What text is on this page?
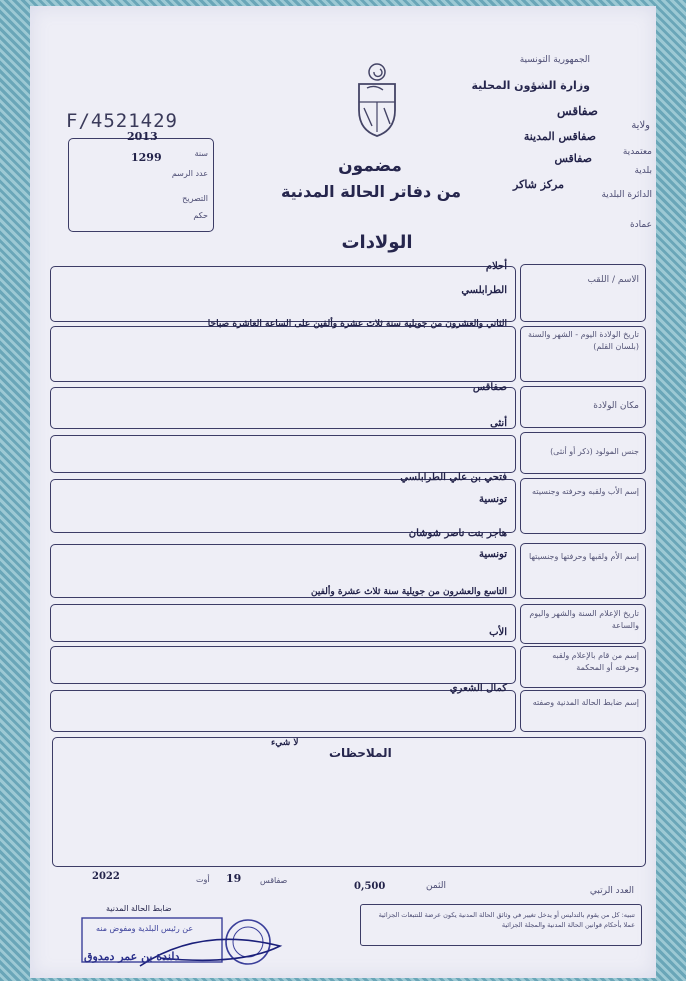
الجمهورية التونسية
وزارة الشؤون المحلية
ولاية
صفاقس
معتمدية
صفاقس المدينة
بلدية
صفاقس
مركز شاكر
الدائرة البلدية
عمادة
F/4521429
2013
سنة
1299
عدد الرسم
التصريح
حكم
مضمون
من دفاتر الحالة المدنية
الولادات
الاسم / اللقب
تاريخ الولادة اليوم - الشهر والسنة (بلسان القلم)
مكان الولادة
جنس المولود (ذكر أو أنثى)
إسم الأب ولقبه وحرفته وجنسيته
إسم الأم ولقبها وحرفتها وجنسيتها
تاريخ الإعلام السنة والشهر واليوم والساعة
إسم من قام بالإعلام ولقبه وحرفته أو المحكمة
إسم ضابط الحالة المدنية وصفته
أحلام
الطرابلسي
الثاني والعشرون من جويلية سنة ثلاث عشرة وألفين على الساعة العاشرة صباحا
صفاقس
أنثى
فتحي بن علي الطرابلسي
تونسية
هاجر بنت ناصر شوشان
تونسية
التاسع والعشرون من جويلية سنة ثلاث عشرة وألفين
الأب
كمال الشعري
الملاحظات
لا شيء
العدد الرتبي
الثمن
0,500
صفاقس
19
أوت
2022
تنبيه: كل من يقوم بالتدليس أو يدخل تغيير في وثائق الحالة المدنية يكون عرضة للتتبعات الجزائية عملا بأحكام قوانين الحالة المدنية والمجلة الجزائية
ضابط الحالة المدنية
عن رئيس البلدية ومفوض منه
دلندة بن عمر دمدوق
